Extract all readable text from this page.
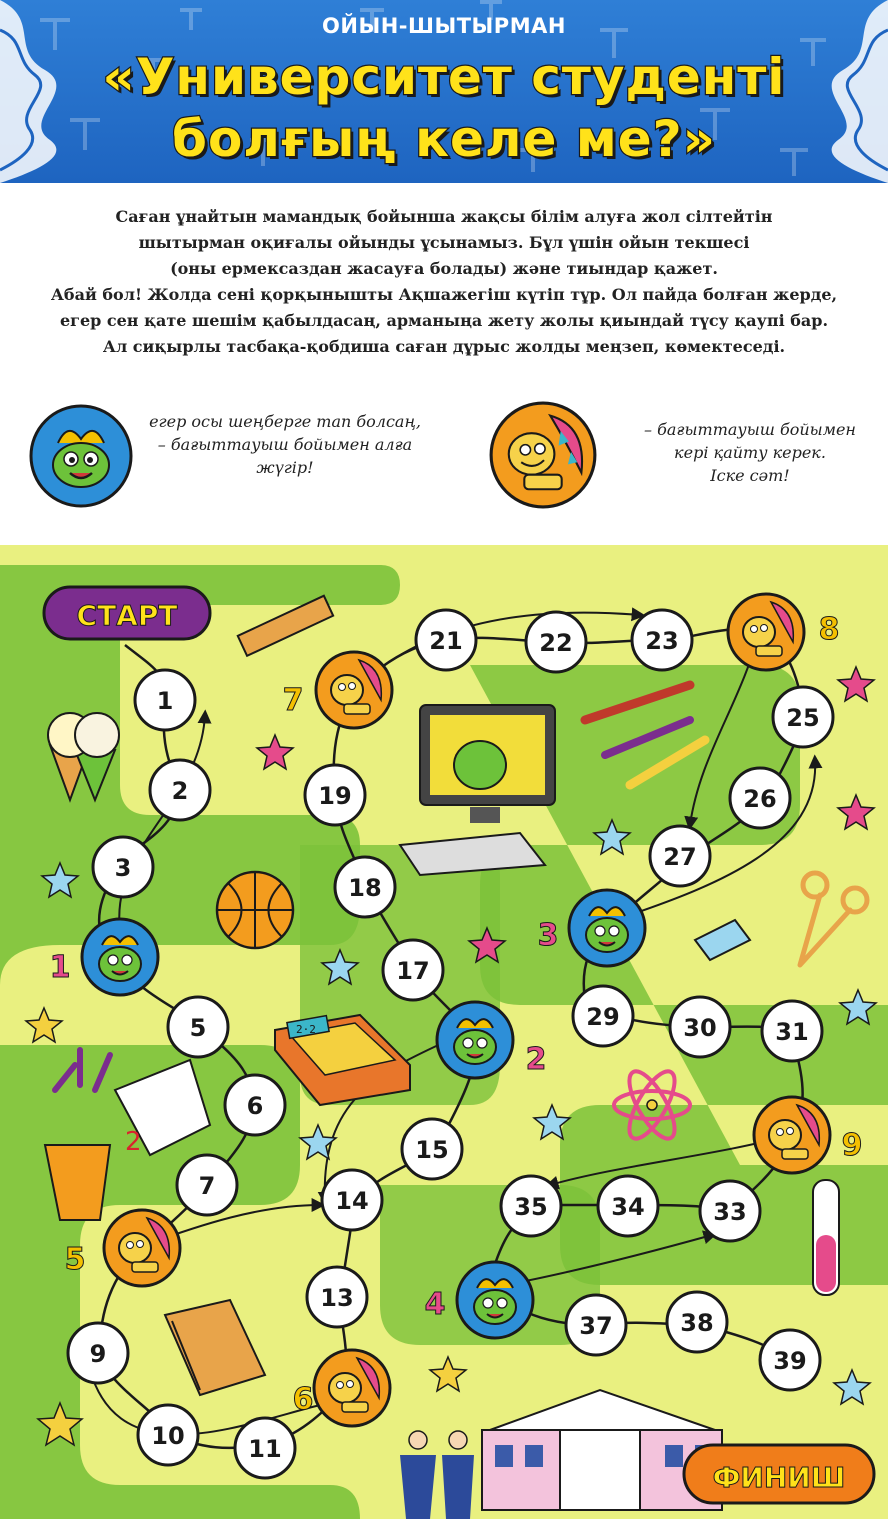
ОЙЫН-ШЫТЫРМАН
«Университет студенті
болғың келе ме?»
Саған ұнайтын мамандық бойынша жақсы білім алуға жол сілтейтін
шытырман оқиғалы ойынды ұсынамыз. Бұл үшін ойын текшесі
(оны ермексаздан жасауға болады) және тиындар қажет.
Абай бол! Жолда сені қорқынышты Ақшажегіш күтіп тұр. Ол пайда болған жерде,
егер сен қате шешім қабылдасаң, арманыңа жету жолы қиындай түсу қаупі бар.
Ал сиқырлы тасбақа-қобдиша саған дұрыс жолды меңзеп, көмектеседі.
егер осы шеңберге тап болсаң,
– бағыттауыш бойымен алға
жүгір!
– бағыттауыш бойымен
кері қайту керек.
Іске сәт!
2·2
2
СТАРТ
ФИНИШ
1
2
3
5
6
7
9
10	11
13
14
15
17
18
19
21	22	23
25
26
27
29	30 31
33
34
35
37	38
39
1
2
3
4
5
6
7
8
9
